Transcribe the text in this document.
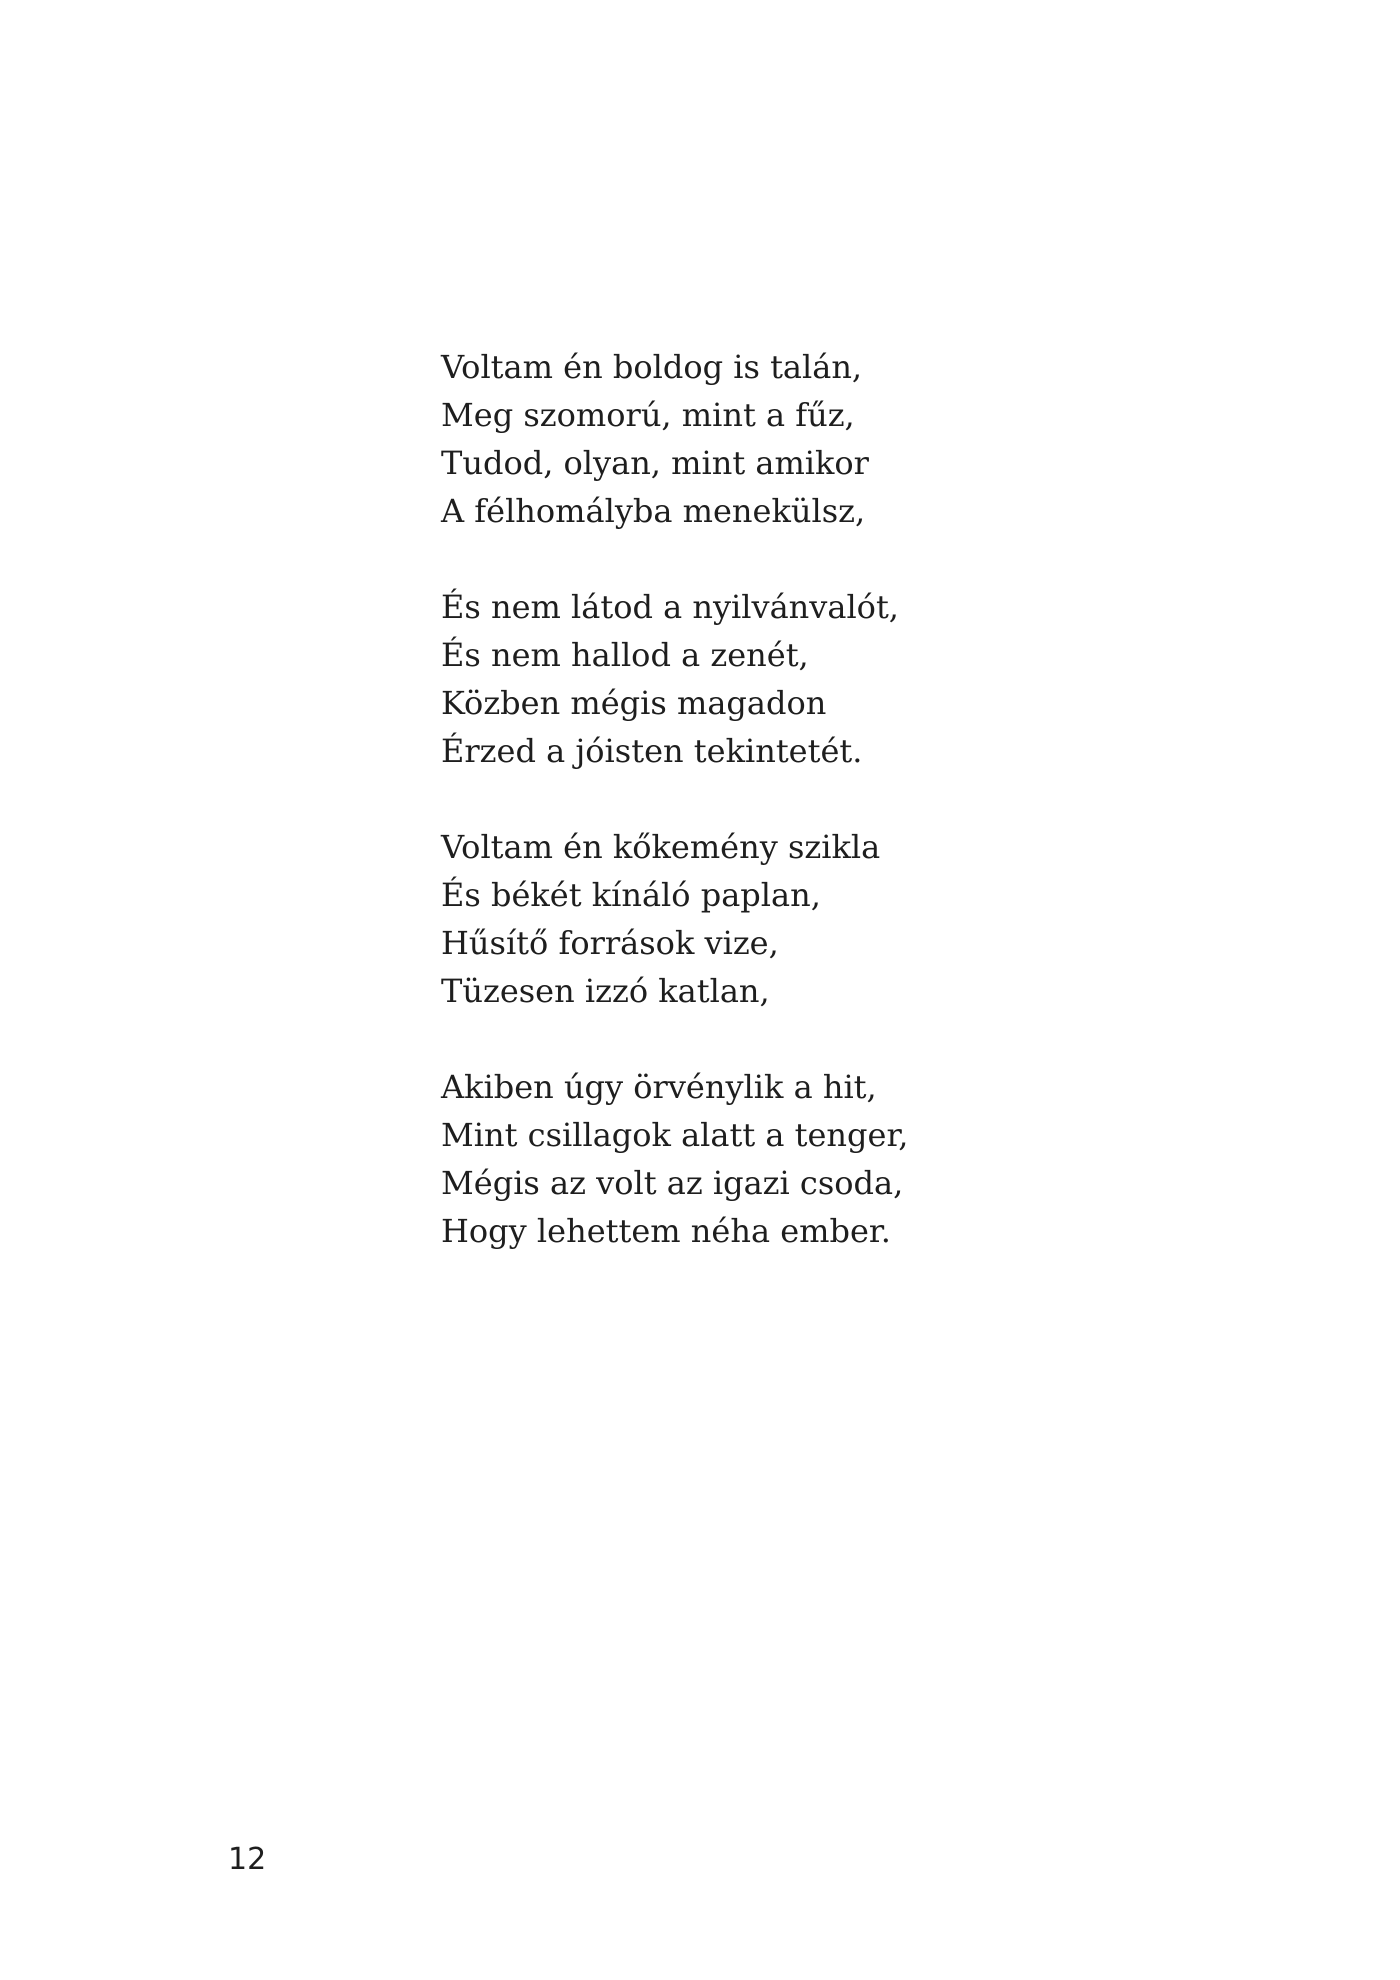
Voltam én boldog is talán,
Meg szomorú, mint a fűz,
Tudod, olyan, mint amikor
A félhomályba menekülsz,
És nem látod a nyilvánvalót,
És nem hallod a zenét,
Közben mégis magadon
Érzed a jóisten tekintetét.
Voltam én kőkemény szikla
És békét kínáló paplan,
Hűsítő források vize,
Tüzesen izzó katlan,
Akiben úgy örvénylik a hit,
Mint csillagok alatt a tenger,
Mégis az volt az igazi csoda,
Hogy lehettem néha ember.
12
